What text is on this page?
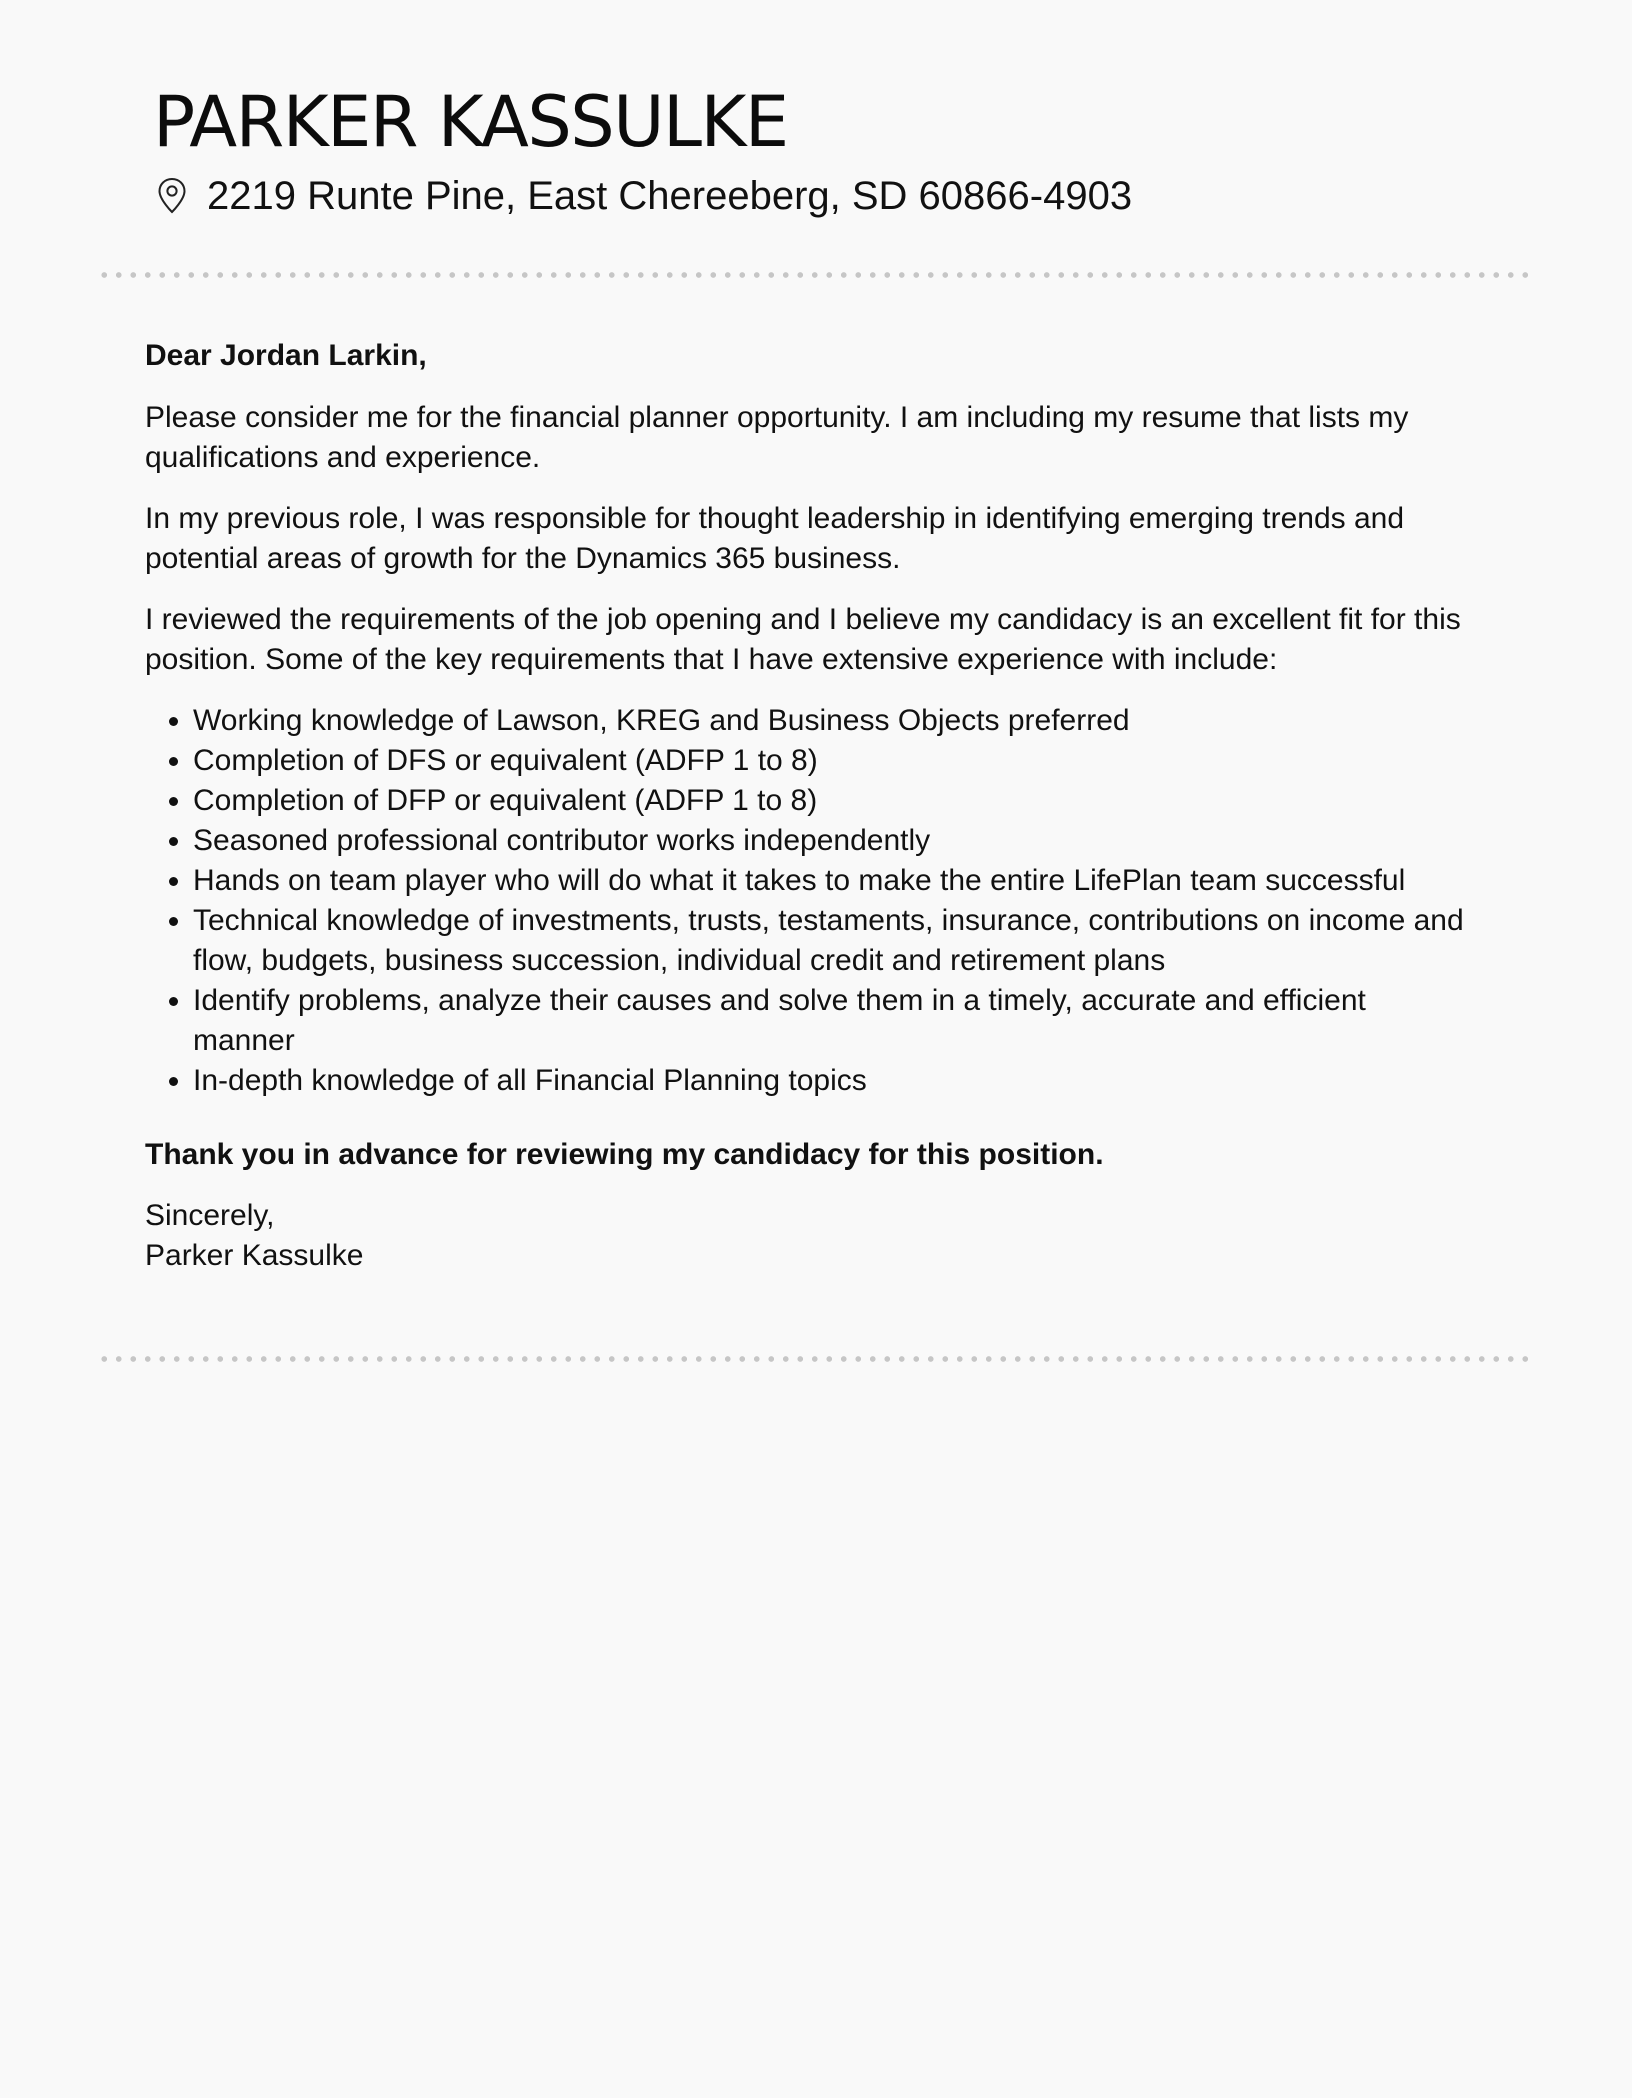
PARKER KASSULKE
2219 Runte Pine, East Chereeberg, SD 60866-4903

Dear Jordan Larkin,

Please consider me for the financial planner opportunity. I am including my resume that lists my qualifications and experience.

In my previous role, I was responsible for thought leadership in identifying emerging trends and potential areas of growth for the Dynamics 365 business.

I reviewed the requirements of the job opening and I believe my candidacy is an excellent fit for this position. Some of the key requirements that I have extensive experience with include:

• Working knowledge of Lawson, KREG and Business Objects preferred
• Completion of DFS or equivalent (ADFP 1 to 8)
• Completion of DFP or equivalent (ADFP 1 to 8)
• Seasoned professional contributor works independently
• Hands on team player who will do what it takes to make the entire LifePlan team successful
• Technical knowledge of investments, trusts, testaments, insurance, contributions on income and flow, budgets, business succession, individual credit and retirement plans
• Identify problems, analyze their causes and solve them in a timely, accurate and efficient manner
• In-depth knowledge of all Financial Planning topics

Thank you in advance for reviewing my candidacy for this position.

Sincerely,

Parker Kassulke
